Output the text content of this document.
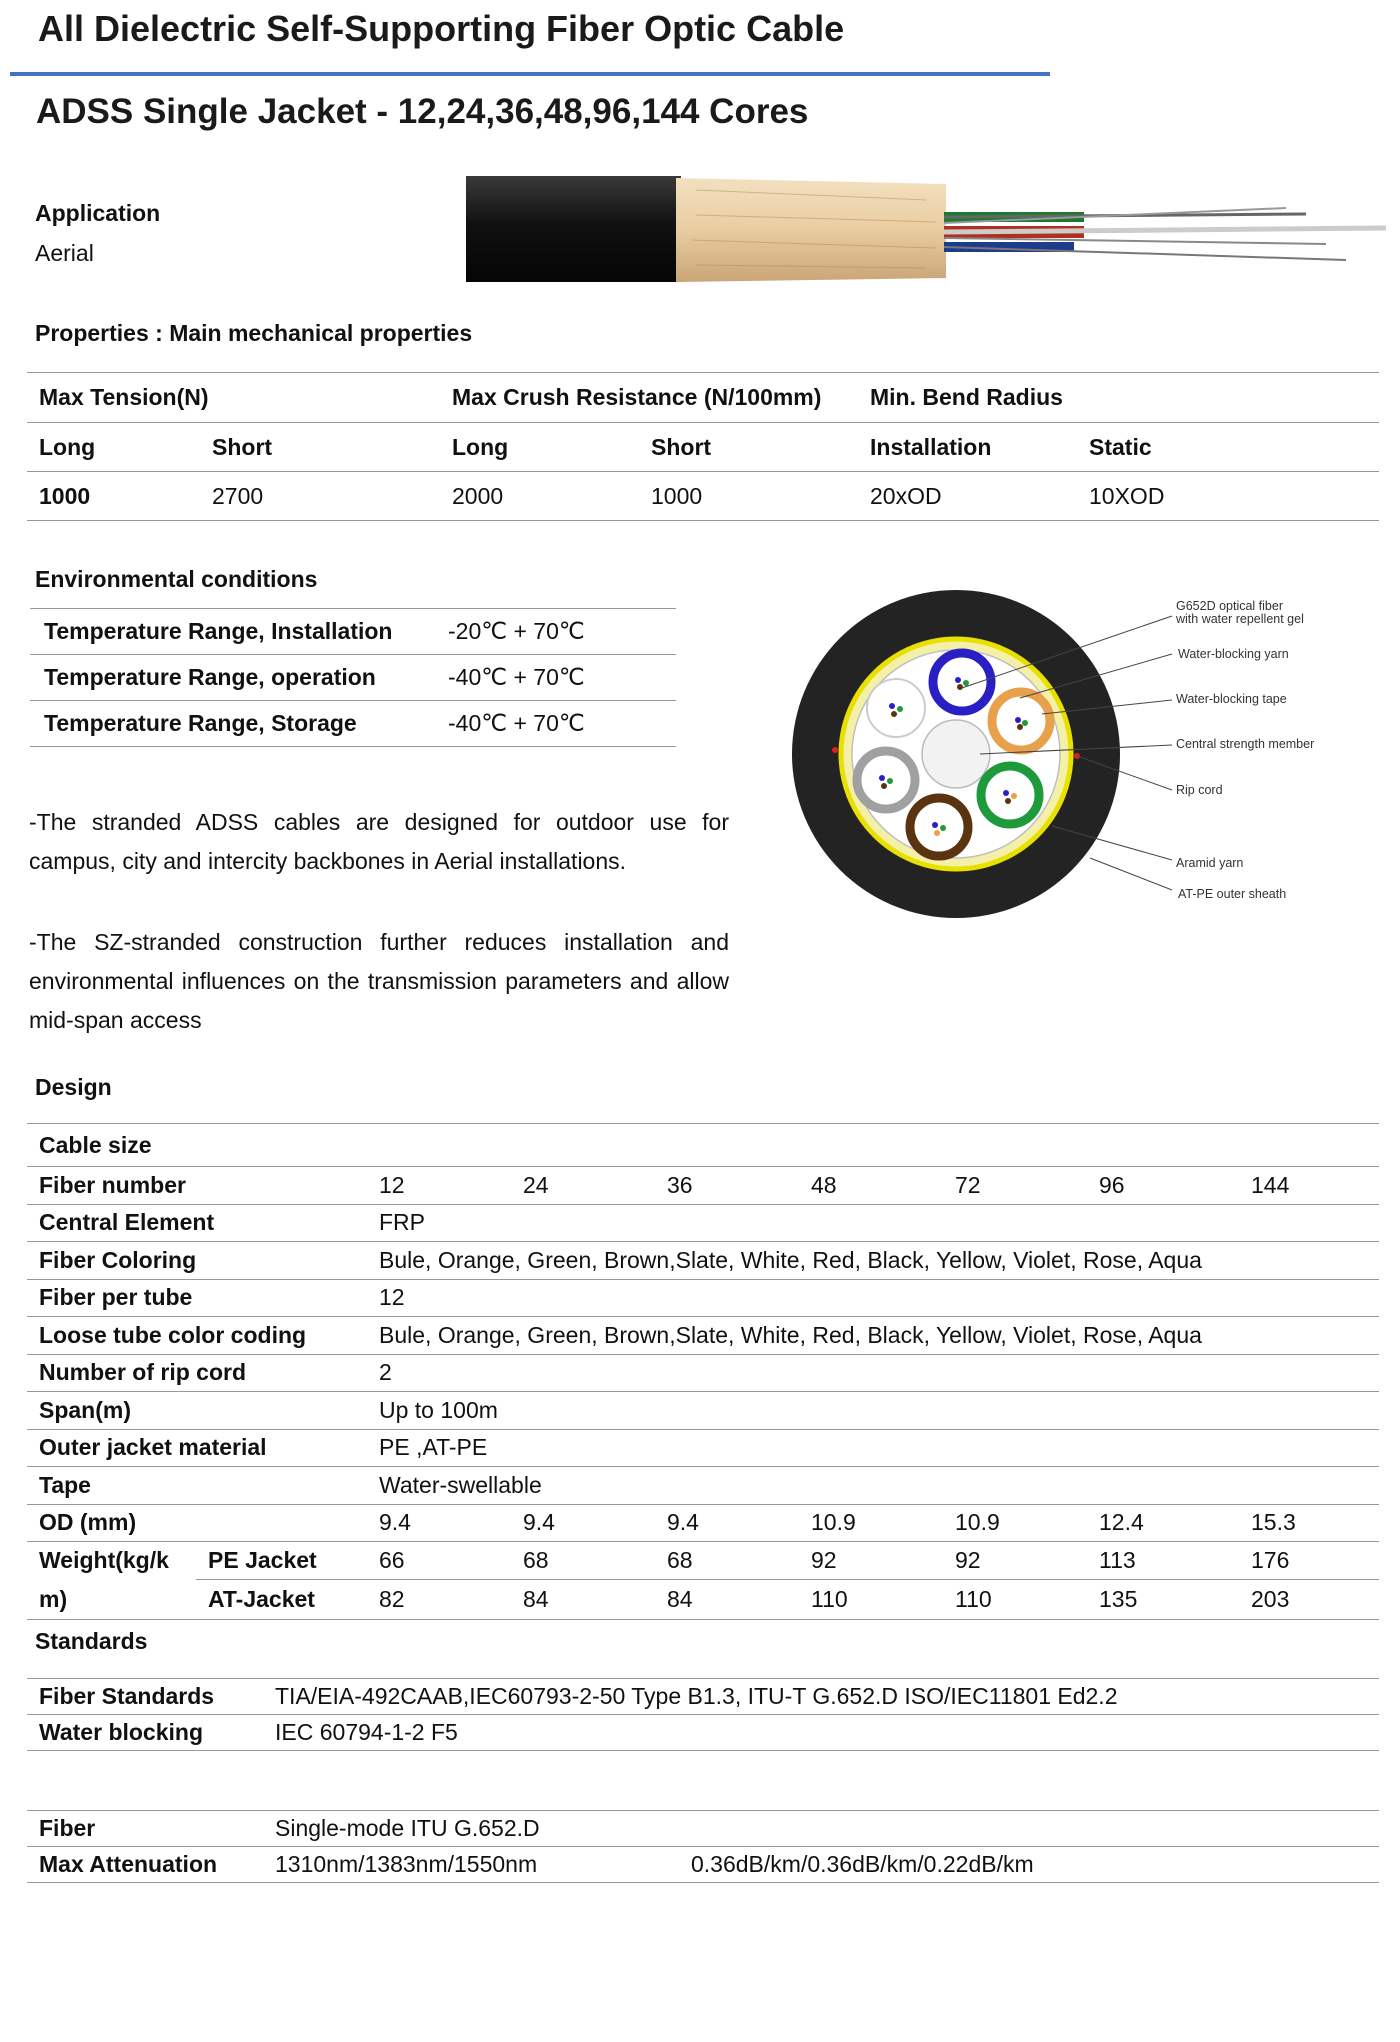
All Dielectric Self-Supporting Fiber Optic Cable
ADSS Single Jacket - 12,24,36,48,96,144 Cores
Application
Aerial
Properties : Main mechanical properties
Max Tension(N)		Max Crush Resistance (N/100mm)		Min. Bend Radius	
Long	Short	Long	Short	Installation	Static
1000	2700	2000	1000	20xOD	10XOD
Environmental conditions
Temperature Range, Installation	-20℃ + 70℃
Temperature Range, operation	-40℃ + 70℃
Temperature Range, Storage	-40℃ + 70℃
-The stranded ADSS cables are designed for outdoor use for campus, city and intercity backbones in Aerial installations.
-The SZ-stranded construction further reduces installation and environmental influences on the transmission parameters and allow mid-span access
G652D optical fiber
with water repellent gel
Water-blocking yarn
Water-blocking tape
Central strength member
Rip cord
Aramid yarn
AT-PE outer sheath
Design
Cable size								
Fiber number		12	24	36	48	72	96	144
Central Element		FRP						
Fiber Coloring		Bule, Orange, Green, Brown,Slate, White, Red, Black, Yellow, Violet, Rose, Aqua						
Fiber per tube		12						
Loose tube color coding		Bule, Orange, Green, Brown,Slate, White, Red, Black, Yellow, Violet, Rose, Aqua						
Number of rip cord		2						
Span(m)		Up to 100m						
Outer jacket material		PE ,AT-PE						
Tape		Water-swellable						
OD (mm)		9.4	9.4	9.4	10.9	10.9	12.4	15.3
Weight(kg/k	PE Jacket	66	68	68	92	92	113	176
m)	AT-Jacket	82	84	84	110	110	135	203
Standards
Fiber Standards	TIA/EIA-492CAAB,IEC60793-2-50 Type B1.3, ITU-T G.652.D ISO/IEC11801 Ed2.2
Water blocking	IEC 60794-1-2 F5
Fiber	Single-mode ITU G.652.D	
Max Attenuation	1310nm/1383nm/1550nm	0.36dB/km/0.36dB/km/0.22dB/km
